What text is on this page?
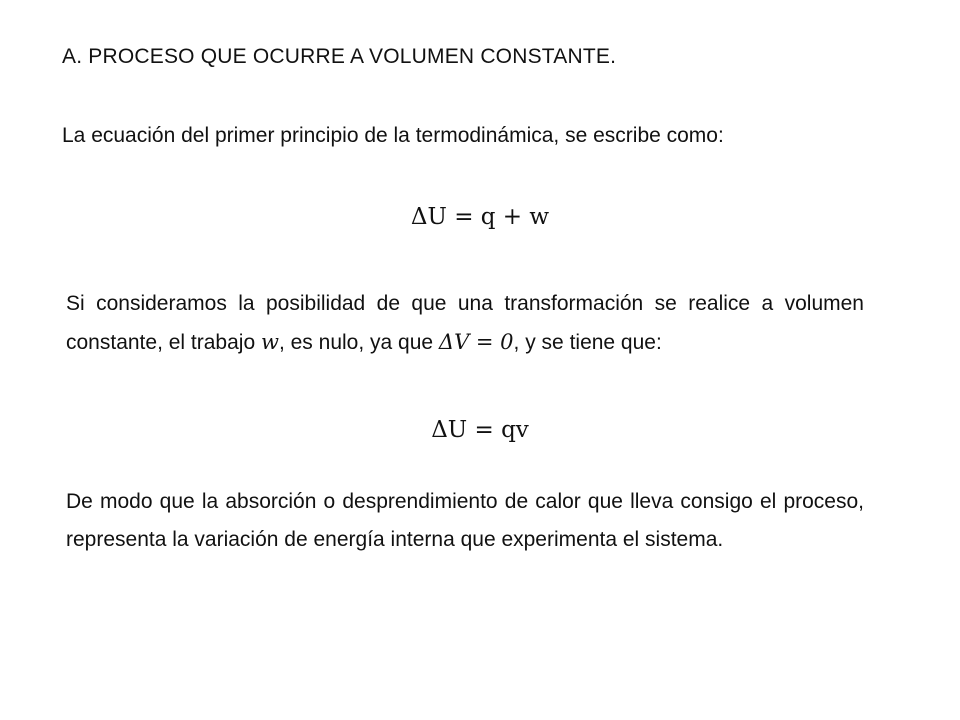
A. PROCESO QUE OCURRE A VOLUMEN CONSTANTE.
La ecuación del primer principio de la termodinámica, se escribe como:
ΔU = q + w
Si consideramos la posibilidad de que una transformación se realice a volumen constante, el trabajo w, es nulo, ya que ΔV = 0, y se tiene que:
ΔU = qv
De modo que la absorción o desprendimiento de calor que lleva consigo el proceso, representa la variación de energía interna que experimenta el sistema.
